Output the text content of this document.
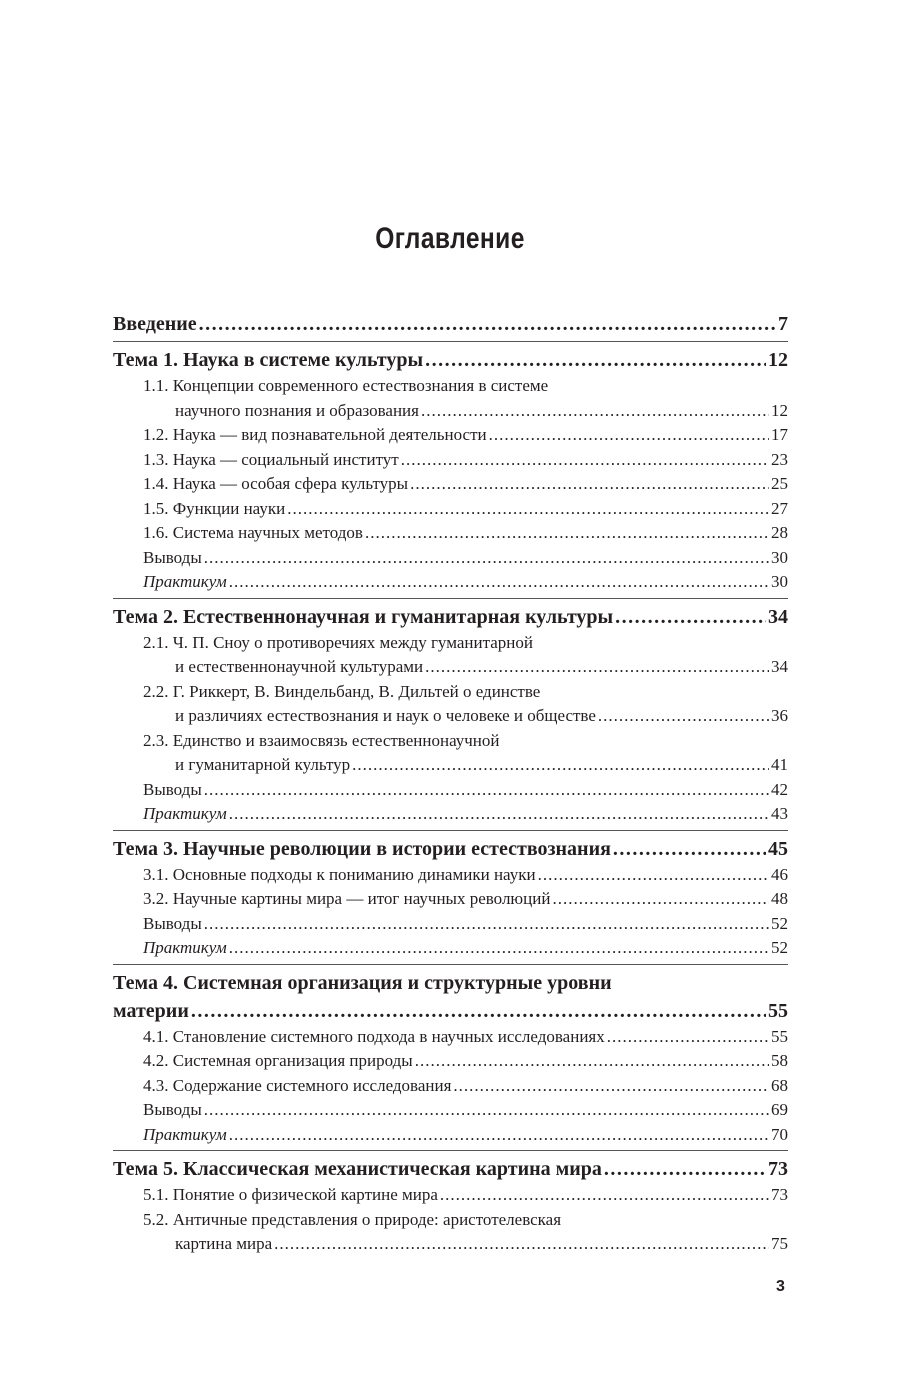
Оглавление
Введение .....	7
Тема 1. Наука в системе культуры .....	12
1.1. Концепции современного естествознания в системе
научного познания и образования .....	12
1.2. Наука — вид познавательной деятельности .....	17
1.3. Наука — социальный институт .....	23
1.4. Наука — особая сфера культуры .....	25
1.5. Функции науки .....	27
1.6. Система научных методов .....	28
Выводы .....	30
Практикум .....	30
Тема 2. Естественнонаучная и гуманитарная культуры .....	34
2.1. Ч. П. Сноу о противоречиях между гуманитарной
и естественнонаучной культурами .....	34
2.2. Г. Риккерт, В. Виндельбанд, В. Дильтей о единстве
и различиях естествознания и наук о человеке и обществе .....	36
2.3. Единство и взаимосвязь естественнонаучной
и гуманитарной культур .....	41
Выводы .....	42
Практикум .....	43
Тема 3. Научные революции в истории естествознания .....	45
3.1. Основные подходы к пониманию динамики науки .....	46
3.2. Научные картины мира — итог научных революций .....	48
Выводы .....	52
Практикум .....	52
Тема 4. Системная организация и структурные уровни
материи .....	55
4.1. Становление системного подхода в научных исследованиях .....	55
4.2. Системная организация природы .....	58
4.3. Содержание системного исследования .....	68
Выводы .....	69
Практикум .....	70
Тема 5. Классическая механистическая картина мира .....	73
5.1. Понятие о физической картине мира .....	73
5.2. Античные представления о природе: аристотелевская
картина мира .....	75
3
